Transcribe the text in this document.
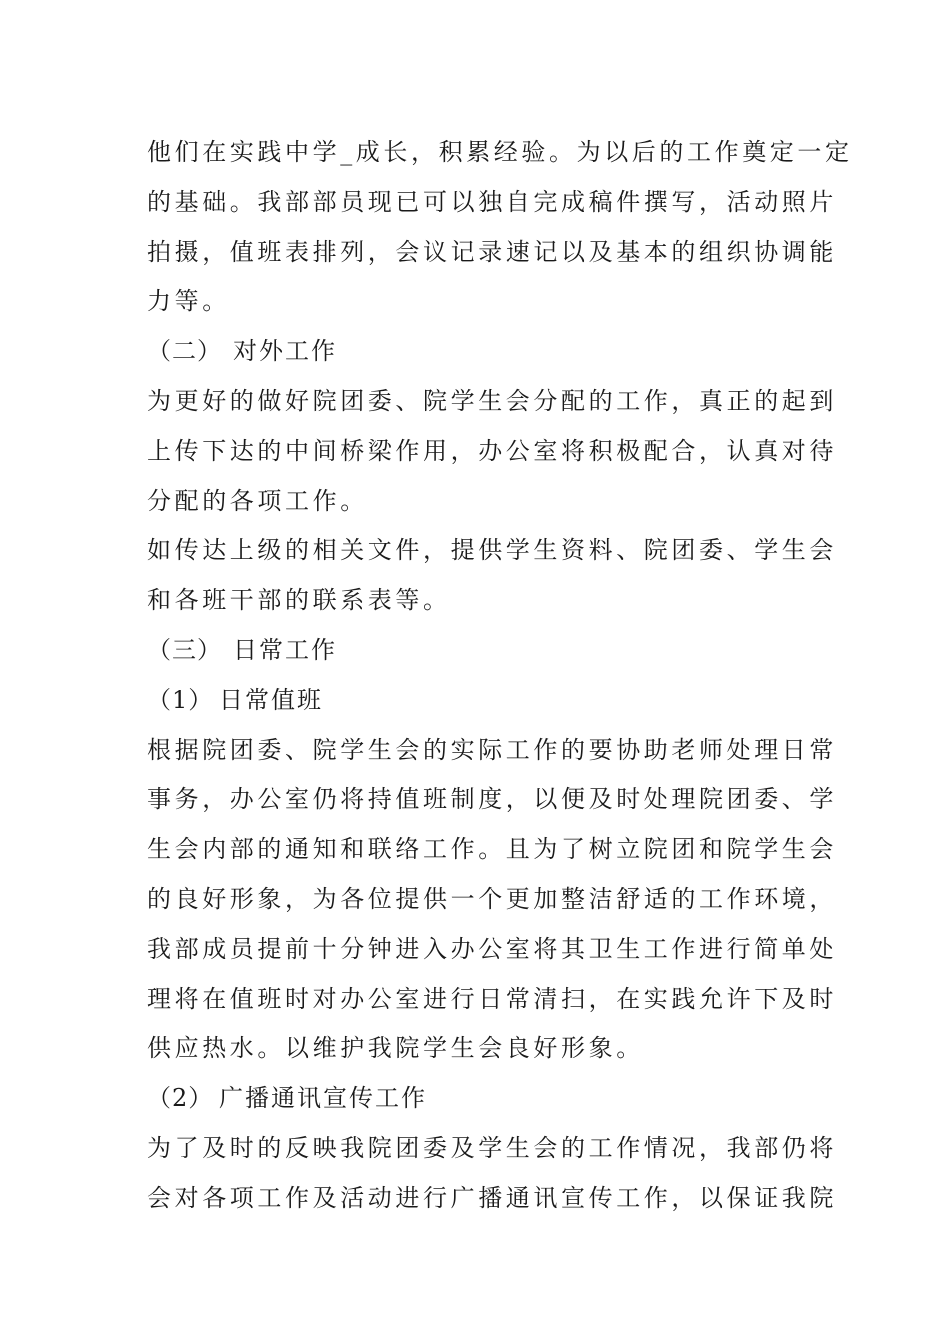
他们在实践中学_成长，积累经验。为以后的工作奠定一定
的基础。我部部员现已可以独自完成稿件撰写，活动照片
拍摄，值班表排列，会议记录速记以及基本的组织协调能
力等。
（二） 对外工作
为更好的做好院团委、院学生会分配的工作，真正的起到
上传下达的中间桥梁作用，办公室将积极配合，认真对待
分配的各项工作。
如传达上级的相关文件，提供学生资料、院团委、学生会
和各班干部的联系表等。
（三） 日常工作
（1） 日常值班
根据院团委、院学生会的实际工作的要协助老师处理日常
事务，办公室仍将持值班制度，以便及时处理院团委、学
生会内部的通知和联络工作。且为了树立院团和院学生会
的良好形象，为各位提供一个更加整洁舒适的工作环境，
我部成员提前十分钟进入办公室将其卫生工作进行简单处
理将在值班时对办公室进行日常清扫，在实践允许下及时
供应热水。以维护我院学生会良好形象。
（2） 广播通讯宣传工作
为了及时的反映我院团委及学生会的工作情况，我部仍将
会对各项工作及活动进行广播通讯宣传工作，以保证我院
